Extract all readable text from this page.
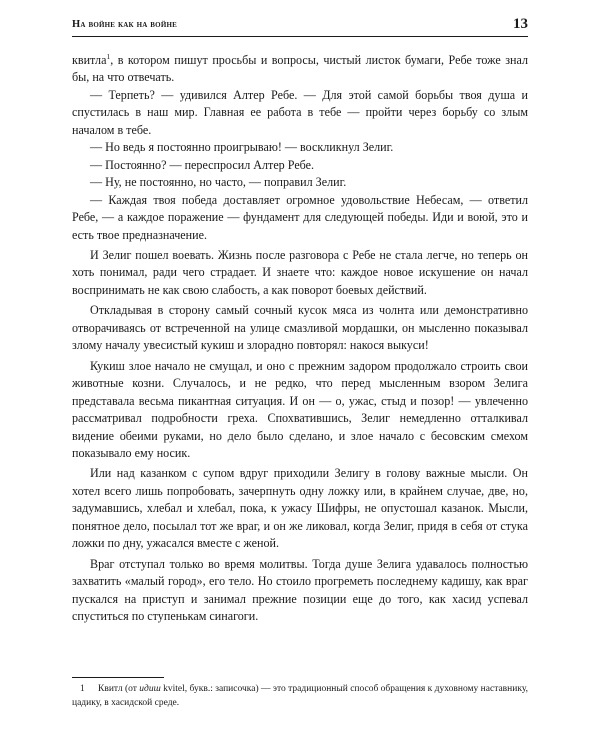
На войне как на войне	13

квитла$^1$, в котором пишут просьбы и вопросы, чистый листок бумаги, Ребе тоже знал бы, на что отвечать.

— Терпеть? — удивился Алтер Ребе. — Для этой самой борьбы твоя душа и спустилась в наш мир. Главная ее работа в тебе — пройти через борьбу со злым началом в тебе.

— Но ведь я постоянно проигрываю! — воскликнул Зелиг.

— Постоянно? — переспросил Алтер Ребе.

— Ну, не постоянно, но часто, — поправил Зелиг.

— Каждая твоя победа доставляет огромное удовольствие Небесам, — ответил Ребе, — а каждое поражение — фундамент для следующей победы. Иди и воюй, это и есть твое предназначение.

И Зелиг пошел воевать. Жизнь после разговора с Ребе не стала легче, но теперь он хоть понимал, ради чего страдает. И знаете что: каждое новое искушение он начал воспринимать не как свою слабость, а как поворот боевых действий.

Откладывая в сторону самый сочный кусок мяса из чолнта или демонстративно отворачиваясь от встреченной на улице смазливой мордашки, он мысленно показывал злому началу увесистый кукиш и злорадно повторял: накося выкуси!

Кукиш злое начало не смущал, и оно с прежним задором продолжало строить свои животные козни. Случалось, и не редко, что перед мысленным взором Зелига представала весьма пикантная ситуация. И он — о, ужас, стыд и позор! — увлеченно рассматривал подробности греха. Спохватившись, Зелиг немедленно отталкивал видение обеими руками, но дело было сделано, и злое начало с бесовским смехом показывало ему носик.

Или над казанком с супом вдруг приходили Зелигу в голову важные мысли. Он хотел всего лишь попробовать, зачерпнуть одну ложку или, в крайнем случае, две, но, задумавшись, хлебал и хлебал, пока, к ужасу Шифры, не опустошал казанок. Мысли, понятное дело, посылал тот же враг, и он же ликовал, когда Зелиг, придя в себя от стука ложки по дну, ужасался вместе с женой.

Враг отступал только во время молитвы. Тогда душе Зелига удавалось полностью захватить «малый город», его тело. Но стоило прогреметь последнему кадишу, как враг пускался на приступ и занимал прежние позиции еще до того, как хасид успевал спуститься по ступенькам синагоги.

1 Квитл (от идиш kvitel, букв.: записочка) — это традиционный способ обращения к духовному наставнику, цадику, в хасидской среде.
